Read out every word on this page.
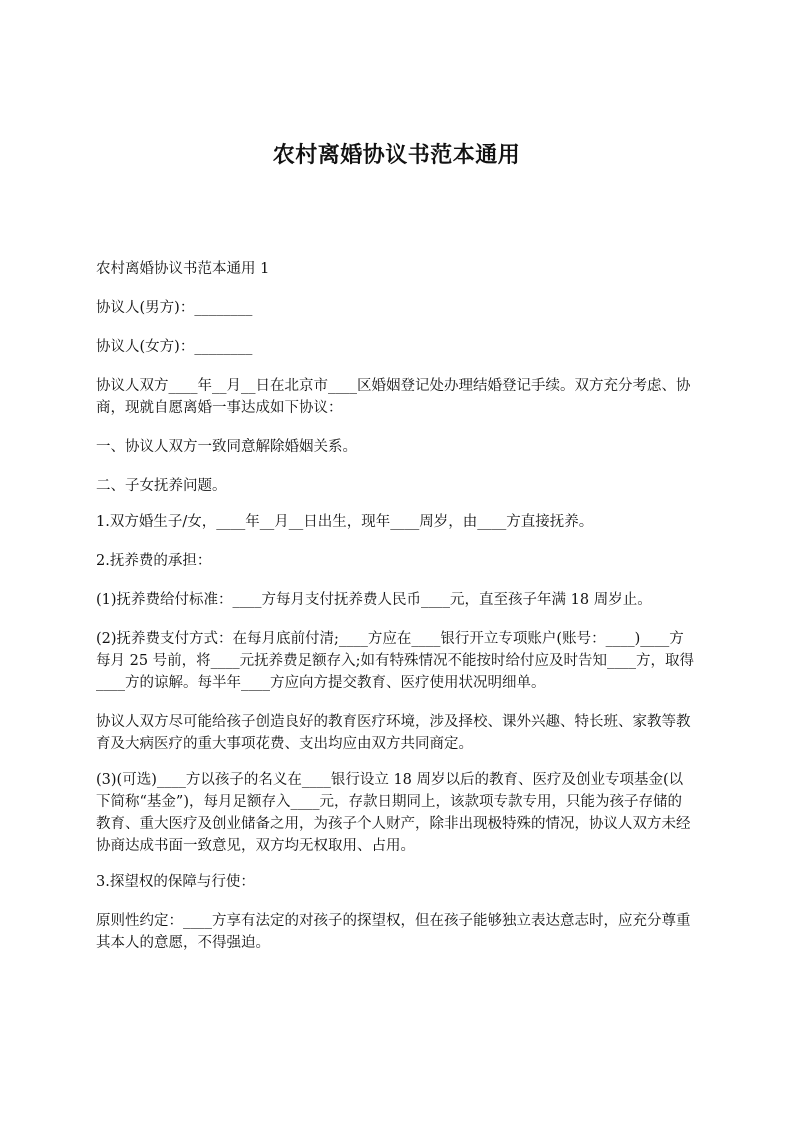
农村离婚协议书范本通用

农村离婚协议书范本通用 1

协议人(男方)：________

协议人(女方)：________

协议人双方____年__月__日在北京市____区婚姻登记处办理结婚登记手续。双方充分考虑、协商，现就自愿离婚一事达成如下协议：

一、协议人双方一致同意解除婚姻关系。

二、子女抚养问题。

1.双方婚生子/女，____年__月__日出生，现年____周岁，由____方直接抚养。

2.抚养费的承担：

(1)抚养费给付标准：____方每月支付抚养费人民币____元，直至孩子年满 18 周岁止。

(2)抚养费支付方式：在每月底前付清;____方应在____银行开立专项账户(账号：____)____方每月 25 号前，将____元抚养费足额存入;如有特殊情况不能按时给付应及时告知____方，取得____方的谅解。每半年____方应向方提交教育、医疗使用状况明细单。

协议人双方尽可能给孩子创造良好的教育医疗环境，涉及择校、课外兴趣、特长班、家教等教育及大病医疗的重大事项花费、支出均应由双方共同商定。

(3)(可选)____方以孩子的名义在____银行设立 18 周岁以后的教育、医疗及创业专项基金(以下简称“基金”)，每月足额存入____元，存款日期同上，该款项专款专用，只能为孩子存储的教育、重大医疗及创业储备之用，为孩子个人财产，除非出现极特殊的情况，协议人双方未经协商达成书面一致意见，双方均无权取用、占用。

3.探望权的保障与行使：

原则性约定：____方享有法定的对孩子的探望权，但在孩子能够独立表达意志时，应充分尊重其本人的意愿，不得强迫。
